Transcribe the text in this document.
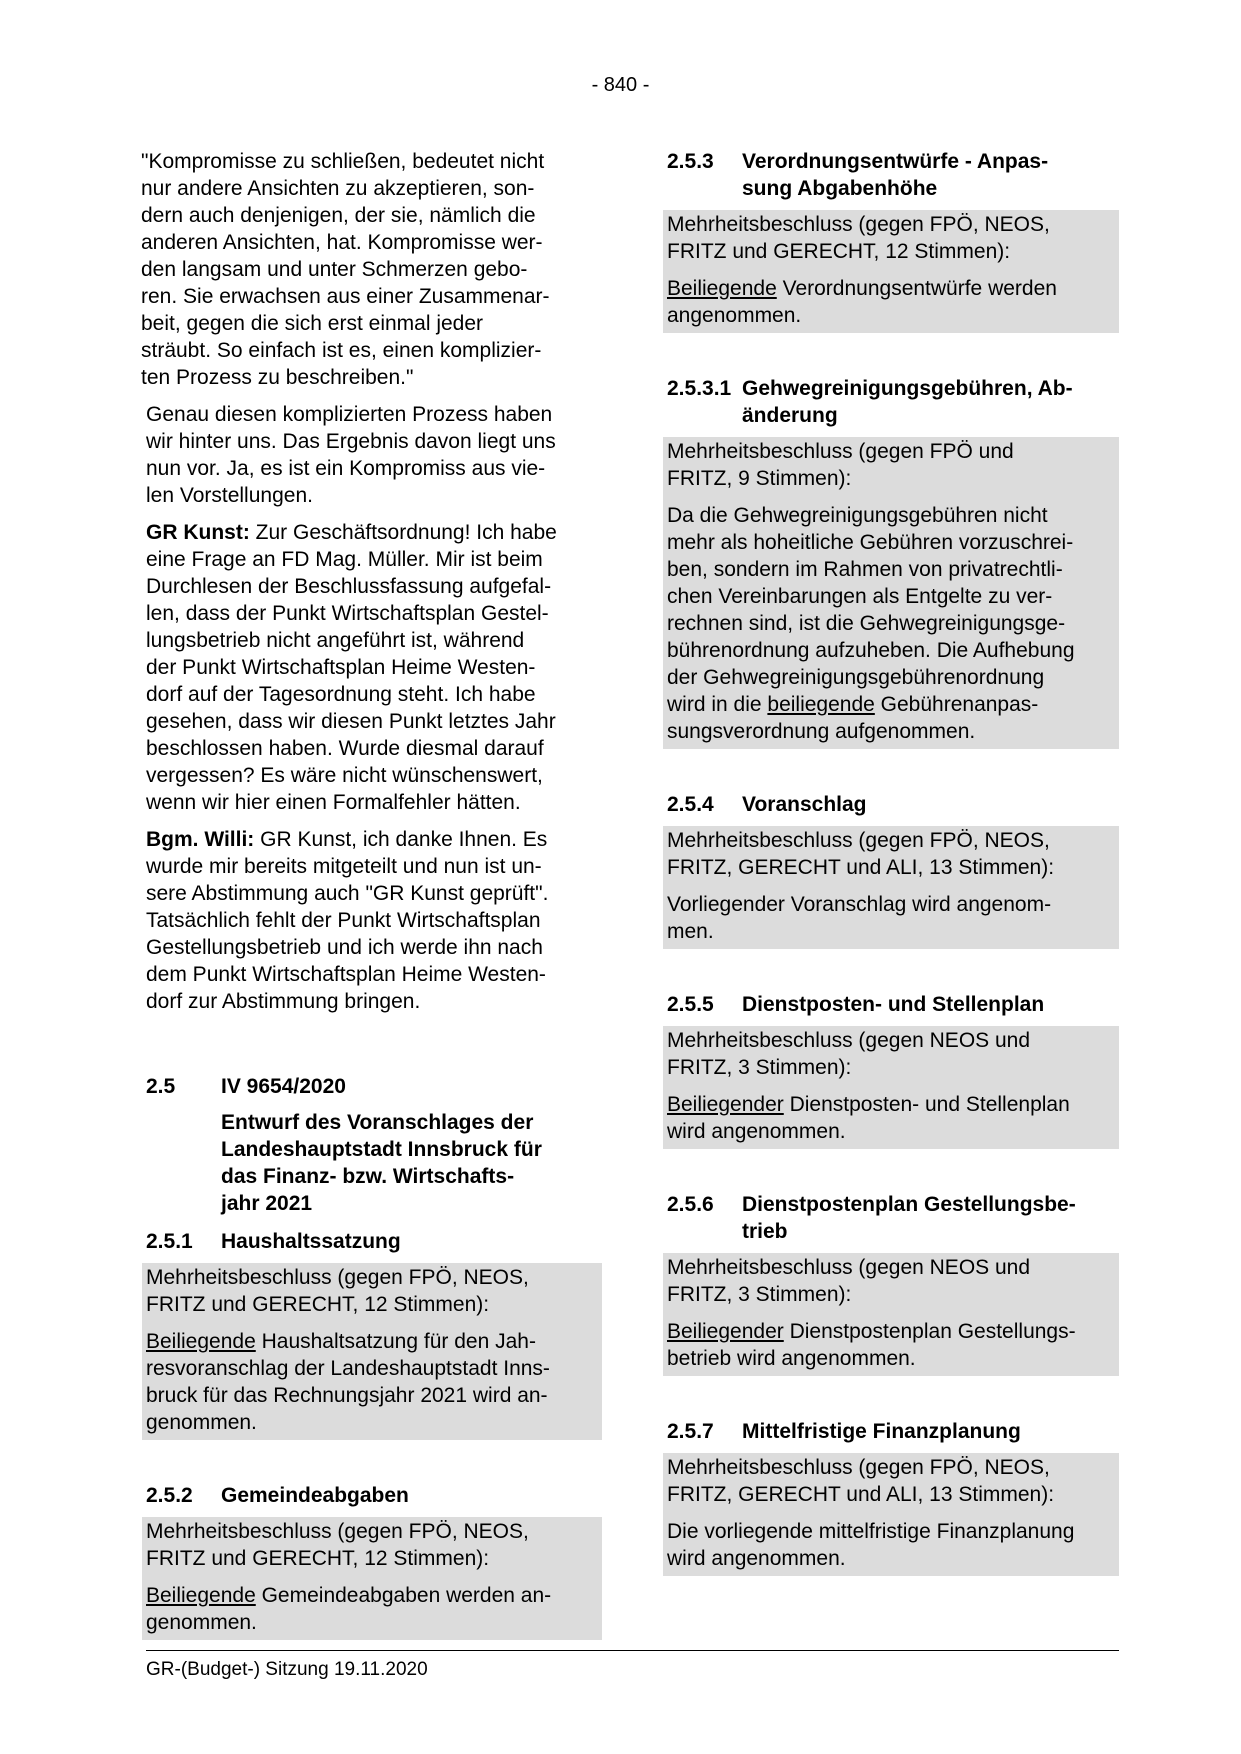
- 840 -
"Kompromisse zu schließen, bedeutet nicht
nur andere Ansichten zu akzeptieren, son-
dern auch denjenigen, der sie, nämlich die
anderen Ansichten, hat. Kompromisse wer-
den langsam und unter Schmerzen gebo-
ren. Sie erwachsen aus einer Zusammenar-
beit, gegen die sich erst einmal jeder
sträubt. So einfach ist es, einen komplizier-
ten Prozess zu beschreiben."
Genau diesen komplizierten Prozess haben
wir hinter uns. Das Ergebnis davon liegt uns
nun vor. Ja, es ist ein Kompromiss aus vie-
len Vorstellungen.
GR Kunst: Zur Geschäftsordnung! Ich habe
eine Frage an FD Mag. Müller. Mir ist beim
Durchlesen der Beschlussfassung aufgefal-
len, dass der Punkt Wirtschaftsplan Gestel-
lungsbetrieb nicht angeführt ist, während
der Punkt Wirtschaftsplan Heime Westen-
dorf auf der Tagesordnung steht. Ich habe
gesehen, dass wir diesen Punkt letztes Jahr
beschlossen haben. Wurde diesmal darauf
vergessen? Es wäre nicht wünschenswert,
wenn wir hier einen Formalfehler hätten.
Bgm. Willi: GR Kunst, ich danke Ihnen. Es
wurde mir bereits mitgeteilt und nun ist un-
sere Abstimmung auch "GR Kunst geprüft".
Tatsächlich fehlt der Punkt Wirtschaftsplan
Gestellungsbetrieb und ich werde ihn nach
dem Punkt Wirtschaftsplan Heime Westen-
dorf zur Abstimmung bringen.
2.5	IV 9654/2020
Entwurf des Voranschlages der
Landeshauptstadt Innsbruck für
das Finanz- bzw. Wirtschafts-
jahr 2021
2.5.1	Haushaltssatzung
Mehrheitsbeschluss (gegen FPÖ, NEOS,
FRITZ und GERECHT, 12 Stimmen):
Beiliegende Haushaltsatzung für den Jah-
resvoranschlag der Landeshauptstadt Inns-
bruck für das Rechnungsjahr 2021 wird an-
genommen.
2.5.2	Gemeindeabgaben
Mehrheitsbeschluss (gegen FPÖ, NEOS,
FRITZ und GERECHT, 12 Stimmen):
Beiliegende Gemeindeabgaben werden an-
genommen.
2.5.3	Verordnungsentwürfe - Anpas-
sung Abgabenhöhe
Mehrheitsbeschluss (gegen FPÖ, NEOS,
FRITZ und GERECHT, 12 Stimmen):
Beiliegende Verordnungsentwürfe werden
angenommen.
2.5.3.1 Gehwegreinigungsgebühren, Ab-
änderung
Mehrheitsbeschluss (gegen FPÖ und
FRITZ, 9 Stimmen):
Da die Gehwegreinigungsgebühren nicht
mehr als hoheitliche Gebühren vorzuschrei-
ben, sondern im Rahmen von privatrechtli-
chen Vereinbarungen als Entgelte zu ver-
rechnen sind, ist die Gehwegreinigungsge-
bührenordnung aufzuheben. Die Aufhebung
der Gehwegreinigungsgebührenordnung
wird in die beiliegende Gebührenanpas-
sungsverordnung aufgenommen.
2.5.4	Voranschlag
Mehrheitsbeschluss (gegen FPÖ, NEOS,
FRITZ, GERECHT und ALI, 13 Stimmen):
Vorliegender Voranschlag wird angenom-
men.
2.5.5	Dienstposten- und Stellenplan
Mehrheitsbeschluss (gegen NEOS und
FRITZ, 3 Stimmen):
Beiliegender Dienstposten- und Stellenplan
wird angenommen.
2.5.6	Dienstpostenplan Gestellungsbe-
trieb
Mehrheitsbeschluss (gegen NEOS und
FRITZ, 3 Stimmen):
Beiliegender Dienstpostenplan Gestellungs-
betrieb wird angenommen.
2.5.7	Mittelfristige Finanzplanung
Mehrheitsbeschluss (gegen FPÖ, NEOS,
FRITZ, GERECHT und ALI, 13 Stimmen):
Die vorliegende mittelfristige Finanzplanung
wird angenommen.
GR-(Budget-) Sitzung 19.11.2020
